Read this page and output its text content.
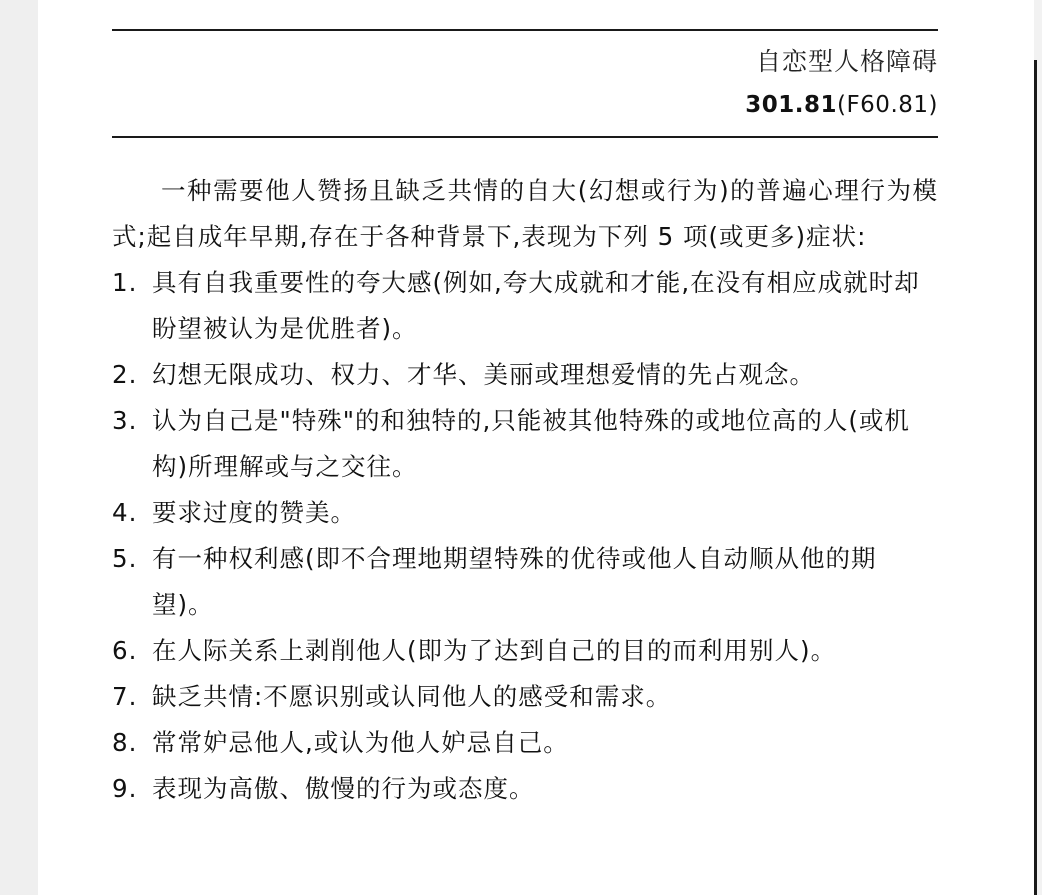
自恋型人格障碍
301.81(F60.81)

一种需要他人赞扬且缺乏共情的自大(幻想或行为)的普遍心理行为模式;起自成年早期,存在于各种背景下,表现为下列 5 项(或更多)症状:

1. 具有自我重要性的夸大感(例如,夸大成就和才能,在没有相应成就时却盼望被认为是优胜者)。
2. 幻想无限成功、权力、才华、美丽或理想爱情的先占观念。
3. 认为自己是"特殊"的和独特的,只能被其他特殊的或地位高的人(或机构)所理解或与之交往。
4. 要求过度的赞美。
5. 有一种权利感(即不合理地期望特殊的优待或他人自动顺从他的期望)。
6. 在人际关系上剥削他人(即为了达到自己的目的而利用别人)。
7. 缺乏共情:不愿识别或认同他人的感受和需求。
8. 常常妒忌他人,或认为他人妒忌自己。
9. 表现为高傲、傲慢的行为或态度。
